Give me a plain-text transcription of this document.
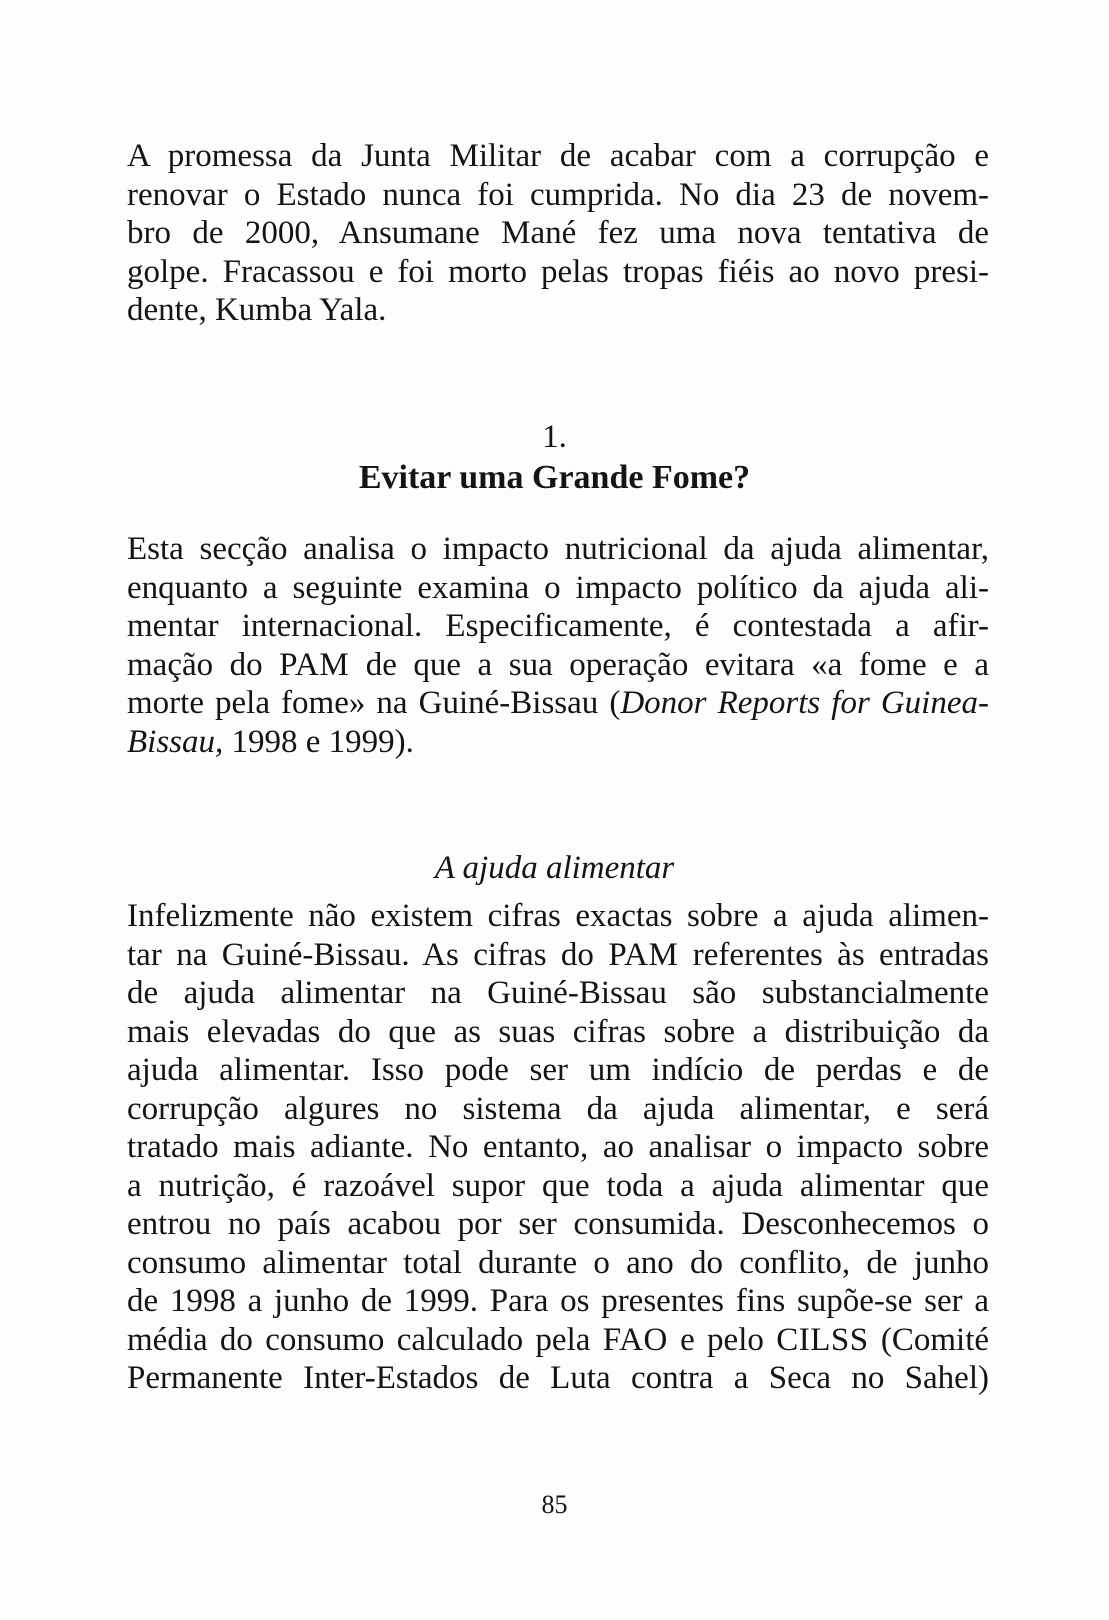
A promessa da Junta Militar de acabar com a corrupção e
renovar o Estado nunca foi cumprida. No dia 23 de novem-
bro de 2000, Ansumane Mané fez uma nova tentativa de
golpe. Fracassou e foi morto pelas tropas fiéis ao novo presi-
dente, Kumba Yala.
1.
Evitar uma Grande Fome?
Esta secção analisa o impacto nutricional da ajuda alimentar,
enquanto a seguinte examina o impacto político da ajuda ali-
mentar internacional. Especificamente, é contestada a afir-
mação do PAM de que a sua operação evitara «a fome e a
morte pela fome» na Guiné-Bissau (Donor Reports for Guinea-
Bissau, 1998 e 1999).
A ajuda alimentar
Infelizmente não existem cifras exactas sobre a ajuda alimen-
tar na Guiné-Bissau. As cifras do PAM referentes às entradas
de ajuda alimentar na Guiné-Bissau são substancialmente
mais elevadas do que as suas cifras sobre a distribuição da
ajuda alimentar. Isso pode ser um indício de perdas e de
corrupção algures no sistema da ajuda alimentar, e será
tratado mais adiante. No entanto, ao analisar o impacto sobre
a nutrição, é razoável supor que toda a ajuda alimentar que
entrou no país acabou por ser consumida. Desconhecemos o
consumo alimentar total durante o ano do conflito, de junho
de 1998 a junho de 1999. Para os presentes fins supõe-se ser a
média do consumo calculado pela FAO e pelo CILSS (Comité
Permanente Inter-Estados de Luta contra a Seca no Sahel)
85
